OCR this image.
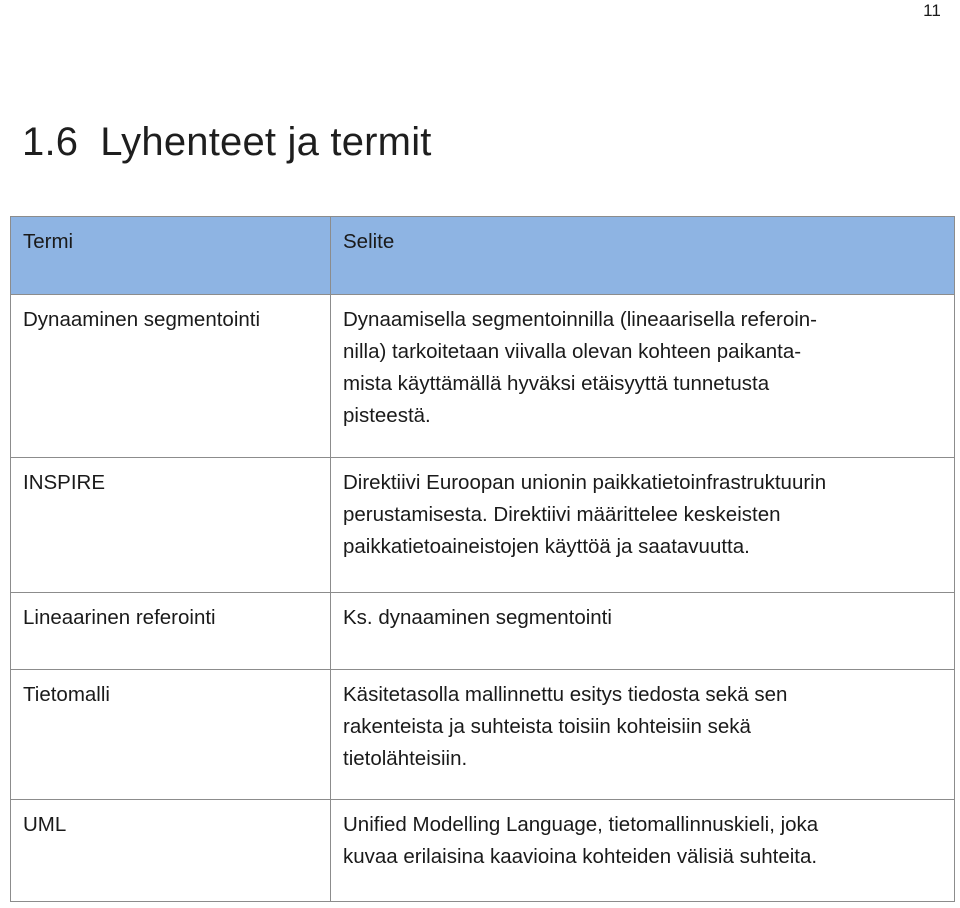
11
1.6 Lyhenteet ja termit
Termi	Selite
Dynaaminen segmentointi	Dynaamisella segmentoinnilla (lineaarisella referoin-
nilla) tarkoitetaan viivalla olevan kohteen paikanta-
mista käyttämällä hyväksi etäisyyttä tunnetusta
pisteestä.

INSPIRE	Direktiivi Euroopan unionin paikkatietoinfrastruktuurin
perustamisesta. Direktiivi määrittelee keskeisten
paikkatietoaineistojen käyttöä ja saatavuutta.

Lineaarinen referointi	Ks. dynaaminen segmentointi

Tietomalli	Käsitetasolla mallinnettu esitys tiedosta sekä sen
rakenteista ja suhteista toisiin kohteisiin sekä
tietolähteisiin.

UML	Unified Modelling Language, tietomallinnuskieli, joka
kuvaa erilaisina kaavioina kohteiden välisiä suhteita.
